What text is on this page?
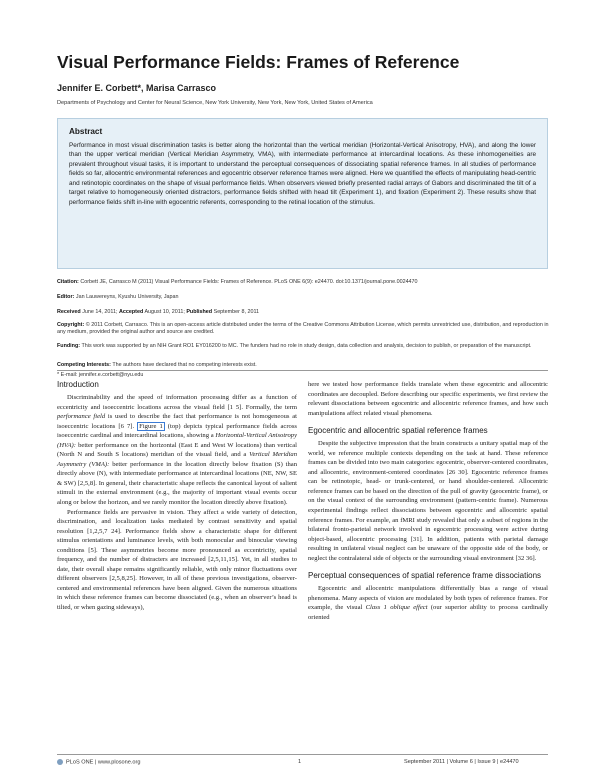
Visual Performance Fields: Frames of Reference
Jennifer E. Corbett*, Marisa Carrasco
Departments of Psychology and Center for Neural Science, New York University, New York, New York, United States of America
Abstract
Performance in most visual discrimination tasks is better along the horizontal than the vertical meridian (Horizontal-Vertical Anisotropy, HVA), and along the lower than the upper vertical meridian (Vertical Meridian Asymmetry, VMA), with intermediate performance at intercardinal locations. As these inhomogeneities are prevalent throughout visual tasks, it is important to understand the perceptual consequences of dissociating spatial reference frames. In all studies of performance fields so far, allocentric environmental references and egocentric observer reference frames were aligned. Here we quantified the effects of manipulating head-centric and retinotopic coordinates on the shape of visual performance fields. When observers viewed briefly presented radial arrays of Gabors and discriminated the tilt of a target relative to homogeneously oriented distractors, performance fields shifted with head tilt (Experiment 1), and fixation (Experiment 2). These results show that performance fields shift in-line with egocentric referents, corresponding to the retinal location of the stimulus.
Citation: Corbett JE, Carrasco M (2011) Visual Performance Fields: Frames of Reference. PLoS ONE 6(9): e24470. doi:10.1371/journal.pone.0024470
Editor: Jan Lauwereyns, Kyushu University, Japan
Received June 14, 2011; Accepted August 10, 2011; Published September 8, 2011
Copyright: © 2011 Corbett, Carrasco. This is an open-access article distributed under the terms of the Creative Commons Attribution License, which permits unrestricted use, distribution, and reproduction in any medium, provided the original author and source are credited.
Funding: This work was supported by an NIH Grant RO1 EY016200 to MC. The funders had no role in study design, data collection and analysis, decision to publish, or preparation of the manuscript.
Competing Interests: The authors have declared that no competing interests exist.
* E-mail: jennifer.e.corbett@nyu.edu
Introduction
Discriminability and the speed of information processing differ as a function of eccentricity and isoeccentric locations across the visual field [1 5]. Formally, the term performance field is used to describe the fact that performance is not homogeneous at isoeccentric locations [6 7]. Figure 1 (top) depicts typical performance fields across isoeccentric cardinal and intercardinal locations, showing a Horizontal-Vertical Anisotropy (HVA): better performance on the horizontal (East E and West W locations) than vertical (North N and South S locations) meridian of the visual field, and a Vertical Meridian Asymmetry (VMA): better performance in the location directly below fixation (S) than directly above (N), with intermediate performance at intercardinal locations (NE, NW, SE & SW) [2,5,8]. In general, their characteristic shape reflects the canonical layout of salient stimuli in the external environment (e.g., the majority of important visual events occur along or below the horizon, and we rarely monitor the location directly above fixation).
Performance fields are pervasive in vision. They affect a wide variety of detection, discrimination, and localization tasks mediated by contrast sensitivity and spatial resolution [1,2,5,7 24]. Performance fields show a characteristic shape for different stimulus orientations and luminance levels, with both monocular and binocular viewing conditions [5]. These asymmetries become more pronounced as eccentricity, spatial frequency, and the number of distracters are increased [2,5,11,15]. Yet, in all studies to date, their overall shape remains significantly reliable, with only minor fluctuations over different observers [2,5,8,25]. However, in all of these previous investigations, observer-centered and environmental references have been aligned. Given the numerous situations in which these reference frames can become dissociated (e.g., when an observer’s head is tilted, or when gazing sideways),
here we tested how performance fields translate when these egocentric and allocentric coordinates are decoupled. Before describing our specific experiments, we first review the relevant dissociations between egocentric and allocentric reference frames, and how such manipulations affect related visual phenomena.
Egocentric and allocentric spatial reference frames
Despite the subjective impression that the brain constructs a unitary spatial map of the world, we reference multiple contexts depending on the task at hand. These reference frames can be divided into two main categories: egocentric, observer-centered coordinates, and allocentric, environment-centered coordinates [26 30]. Egocentric reference frames can be retinotopic, head- or trunk-centered, or hand shoulder-centered. Allocentric reference frames can be based on the direction of the pull of gravity (geocentric frame), or on the visual context of the surrounding environment (pattern-centric frame). Numerous experimental findings reflect dissociations between egocentric and allocentric spatial reference frames. For example, an fMRI study revealed that only a subset of regions in the bilateral fronto-parietal network involved in egocentric processing were active during object-based, allocentric processing [31]. In addition, patients with parietal damage resulting in unilateral visual neglect can be unaware of the opposite side of the body, or neglect the contralateral side of objects or the surrounding visual environment [32 36].
Perceptual consequences of spatial reference frame dissociations
Egocentric and allocentric manipulations differentially bias a range of visual phenomena. Many aspects of vision are modulated by both types of reference frames. For example, the visual Class 1 oblique effect (our superior ability to process cardinally oriented
PLoS ONE | www.plosone.org	1	September 2011 | Volume 6 | Issue 9 | e24470
